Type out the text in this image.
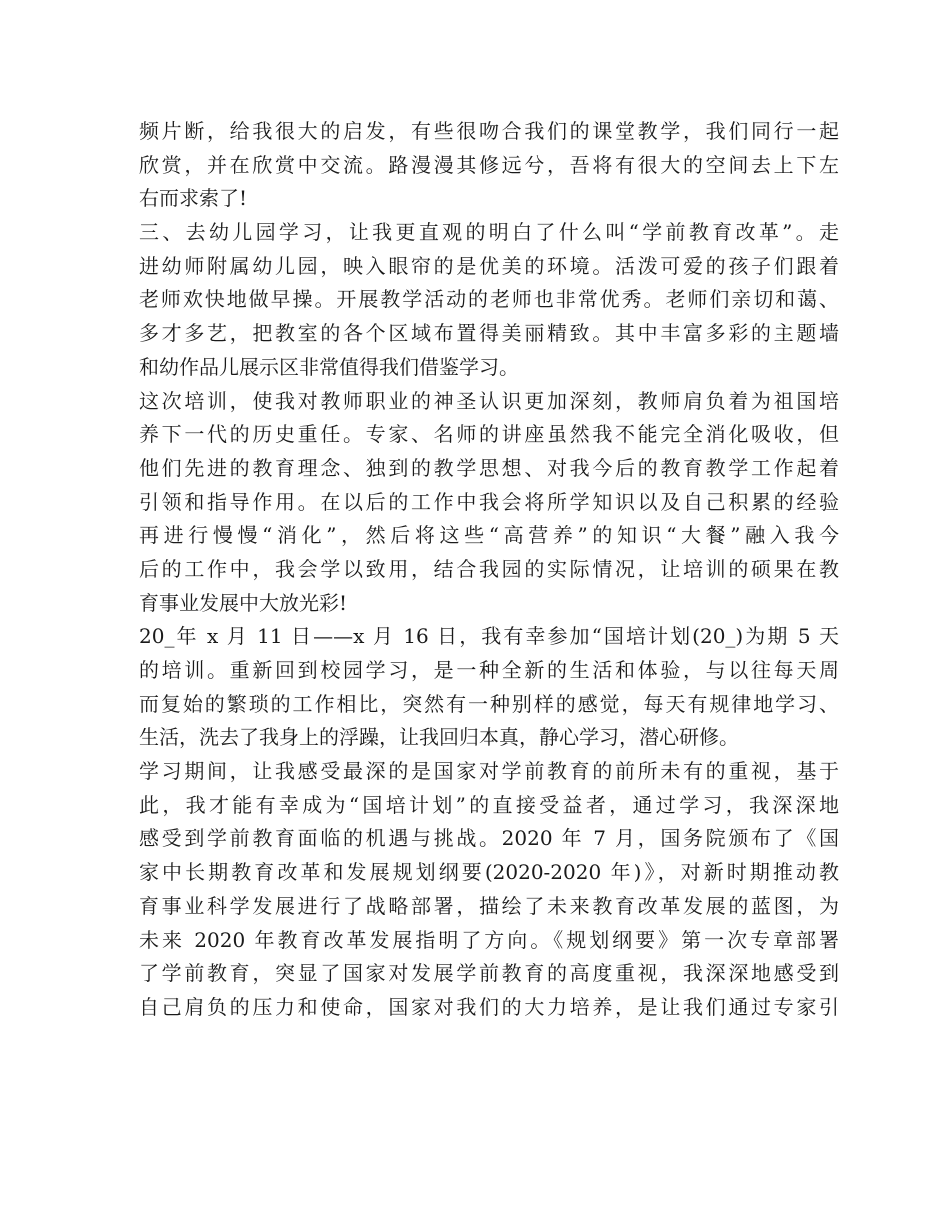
频片断，给我很大的启发，有些很吻合我们的课堂教学，我们同行一起
欣赏，并在欣赏中交流。路漫漫其修远兮，吾将有很大的空间去上下左
右而求索了!
三、去幼儿园学习，让我更直观的明白了什么叫“学前教育改革”。走
进幼师附属幼儿园，映入眼帘的是优美的环境。活泼可爱的孩子们跟着
老师欢快地做早操。开展教学活动的老师也非常优秀。老师们亲切和蔼、
多才多艺，把教室的各个区域布置得美丽精致。其中丰富多彩的主题墙
和幼作品儿展示区非常值得我们借鉴学习。
这次培训，使我对教师职业的神圣认识更加深刻，教师肩负着为祖国培
养下一代的历史重任。专家、名师的讲座虽然我不能完全消化吸收，但
他们先进的教育理念、独到的教学思想、对我今后的教育教学工作起着
引领和指导作用。在以后的工作中我会将所学知识以及自己积累的经验
再进行慢慢“消化”，然后将这些“高营养”的知识“大餐”融入我今
后的工作中，我会学以致用，结合我园的实际情况，让培训的硕果在教
育事业发展中大放光彩!
20_年 x 月 11 日——x 月 16 日，我有幸参加“国培计划(20_)为期 5 天
的培训。重新回到校园学习，是一种全新的生活和体验，与以往每天周
而复始的繁琐的工作相比，突然有一种别样的感觉，每天有规律地学习、
生活，洗去了我身上的浮躁，让我回归本真，静心学习，潜心研修。
学习期间，让我感受最深的是国家对学前教育的前所未有的重视，基于
此，我才能有幸成为“国培计划”的直接受益者，通过学习，我深深地
感受到学前教育面临的机遇与挑战。2020 年 7 月，国务院颁布了《国
家中长期教育改革和发展规划纲要(2020-2020 年)》，对新时期推动教
育事业科学发展进行了战略部署，描绘了未来教育改革发展的蓝图，为
未来 2020 年教育改革发展指明了方向。《规划纲要》第一次专章部署
了学前教育，突显了国家对发展学前教育的高度重视，我深深地感受到
自己肩负的压力和使命，国家对我们的大力培养，是让我们通过专家引
